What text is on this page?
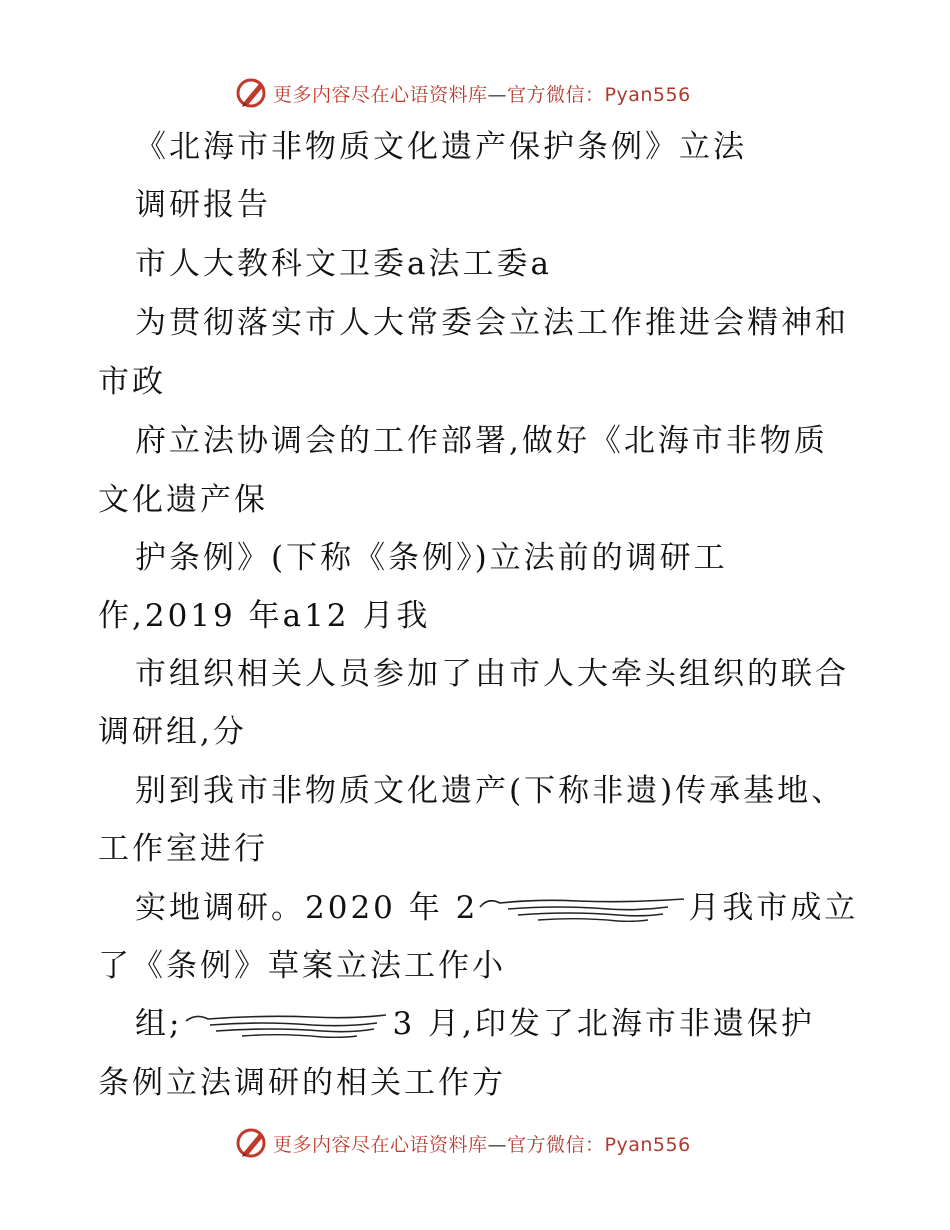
更多内容尽在心语资料库—官方微信：Pyan556
《北海市非物质文化遗产保护条例》立法
调研报告
市人大教科文卫委a法工委a
为贯彻落实市人大常委会立法工作推进会精神和
市政
府立法协调会的工作部署,做好《北海市非物质
文化遗产保
护条例》(下称《条例》)立法前的调研工
作,2019 年a12 月我
市组织相关人员参加了由市人大牵头组织的联合
调研组,分
别到我市非物质文化遗产(下称非遗)传承基地、
工作室进行
实地调研。2020 年 2	月我市成立
了《条例》草案立法工作小
组;	3 月,印发了北海市非遗保护
条例立法调研的相关工作方
更多内容尽在心语资料库—官方微信：Pyan556
